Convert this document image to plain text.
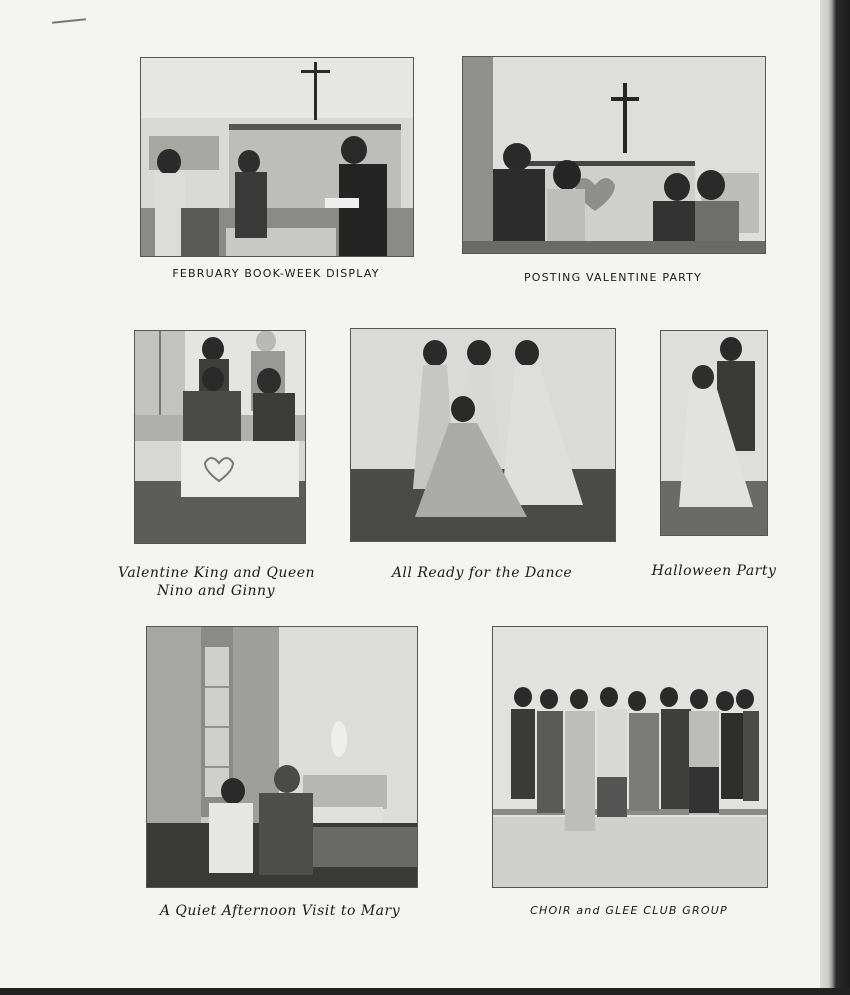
FEBRUARY BOOK-WEEK DISPLAY	POSTING VALENTINE PARTY
Valentine King and Queen
Nino and Ginny
All Ready for the Dance	Halloween Party
A Quiet Afternoon Visit to Mary	CHOIR and GLEE CLUB GROUP
